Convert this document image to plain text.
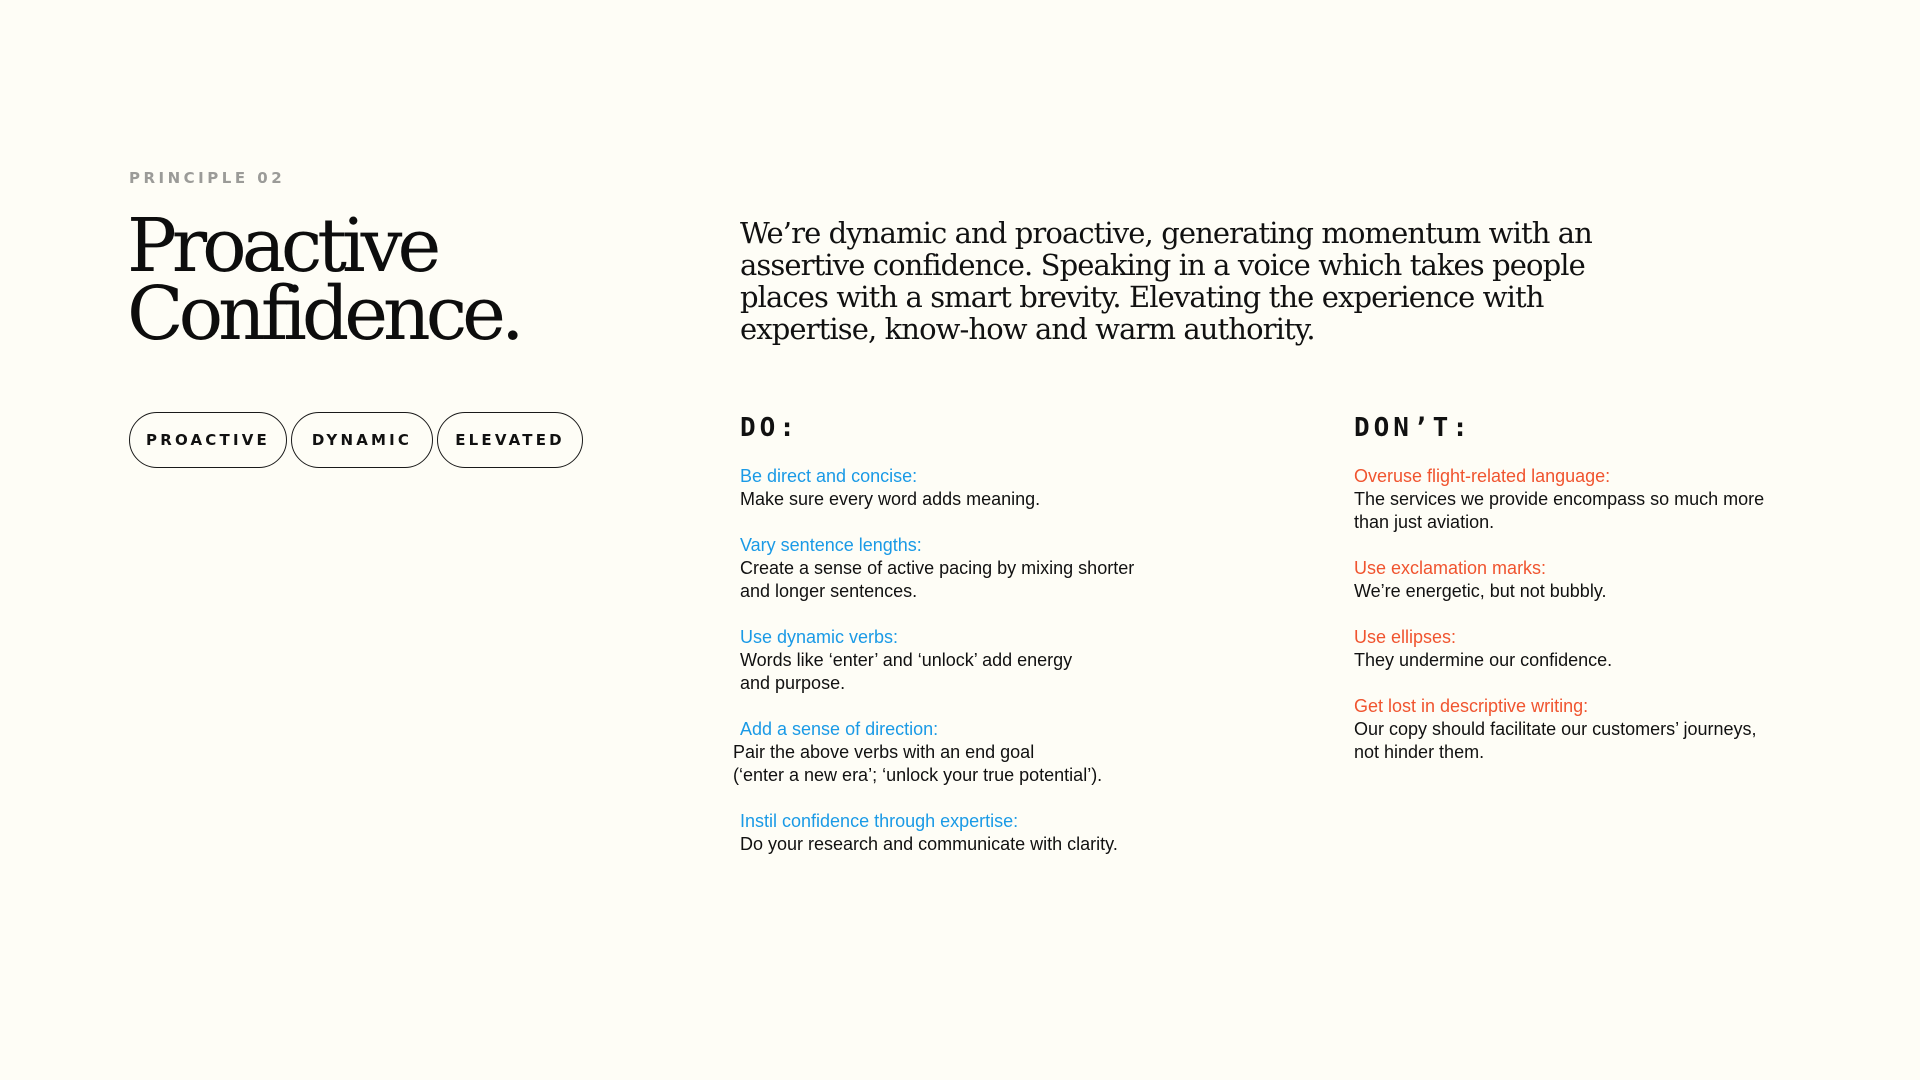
PRINCIPLE 02
Proactive
Confidence.
PROACTIVE	DYNAMIC	ELEVATED

We’re dynamic and proactive, generating momentum with an assertive confidence. Speaking in a voice which takes people places with a smart brevity. Elevating the experience with expertise, know-how and warm authority.

DO:
Be direct and concise:
Make sure every word adds meaning.
Vary sentence lengths:
Create a sense of active pacing by mixing shorter
and longer sentences.
Use dynamic verbs:
Words like ‘enter’ and ‘unlock’ add energy
and purpose.
Add a sense of direction:
Pair the above verbs with an end goal
(‘enter a new era’; ‘unlock your true potential’).
Instil confidence through expertise:
Do your research and communicate with clarity.
DON’T:
Overuse flight-related language:
The services we provide encompass so much more
than just aviation.
Use exclamation marks:
We’re energetic, but not bubbly.
Use ellipses:
They undermine our confidence.
Get lost in descriptive writing:
Our copy should facilitate our customers’ journeys,
not hinder them.
